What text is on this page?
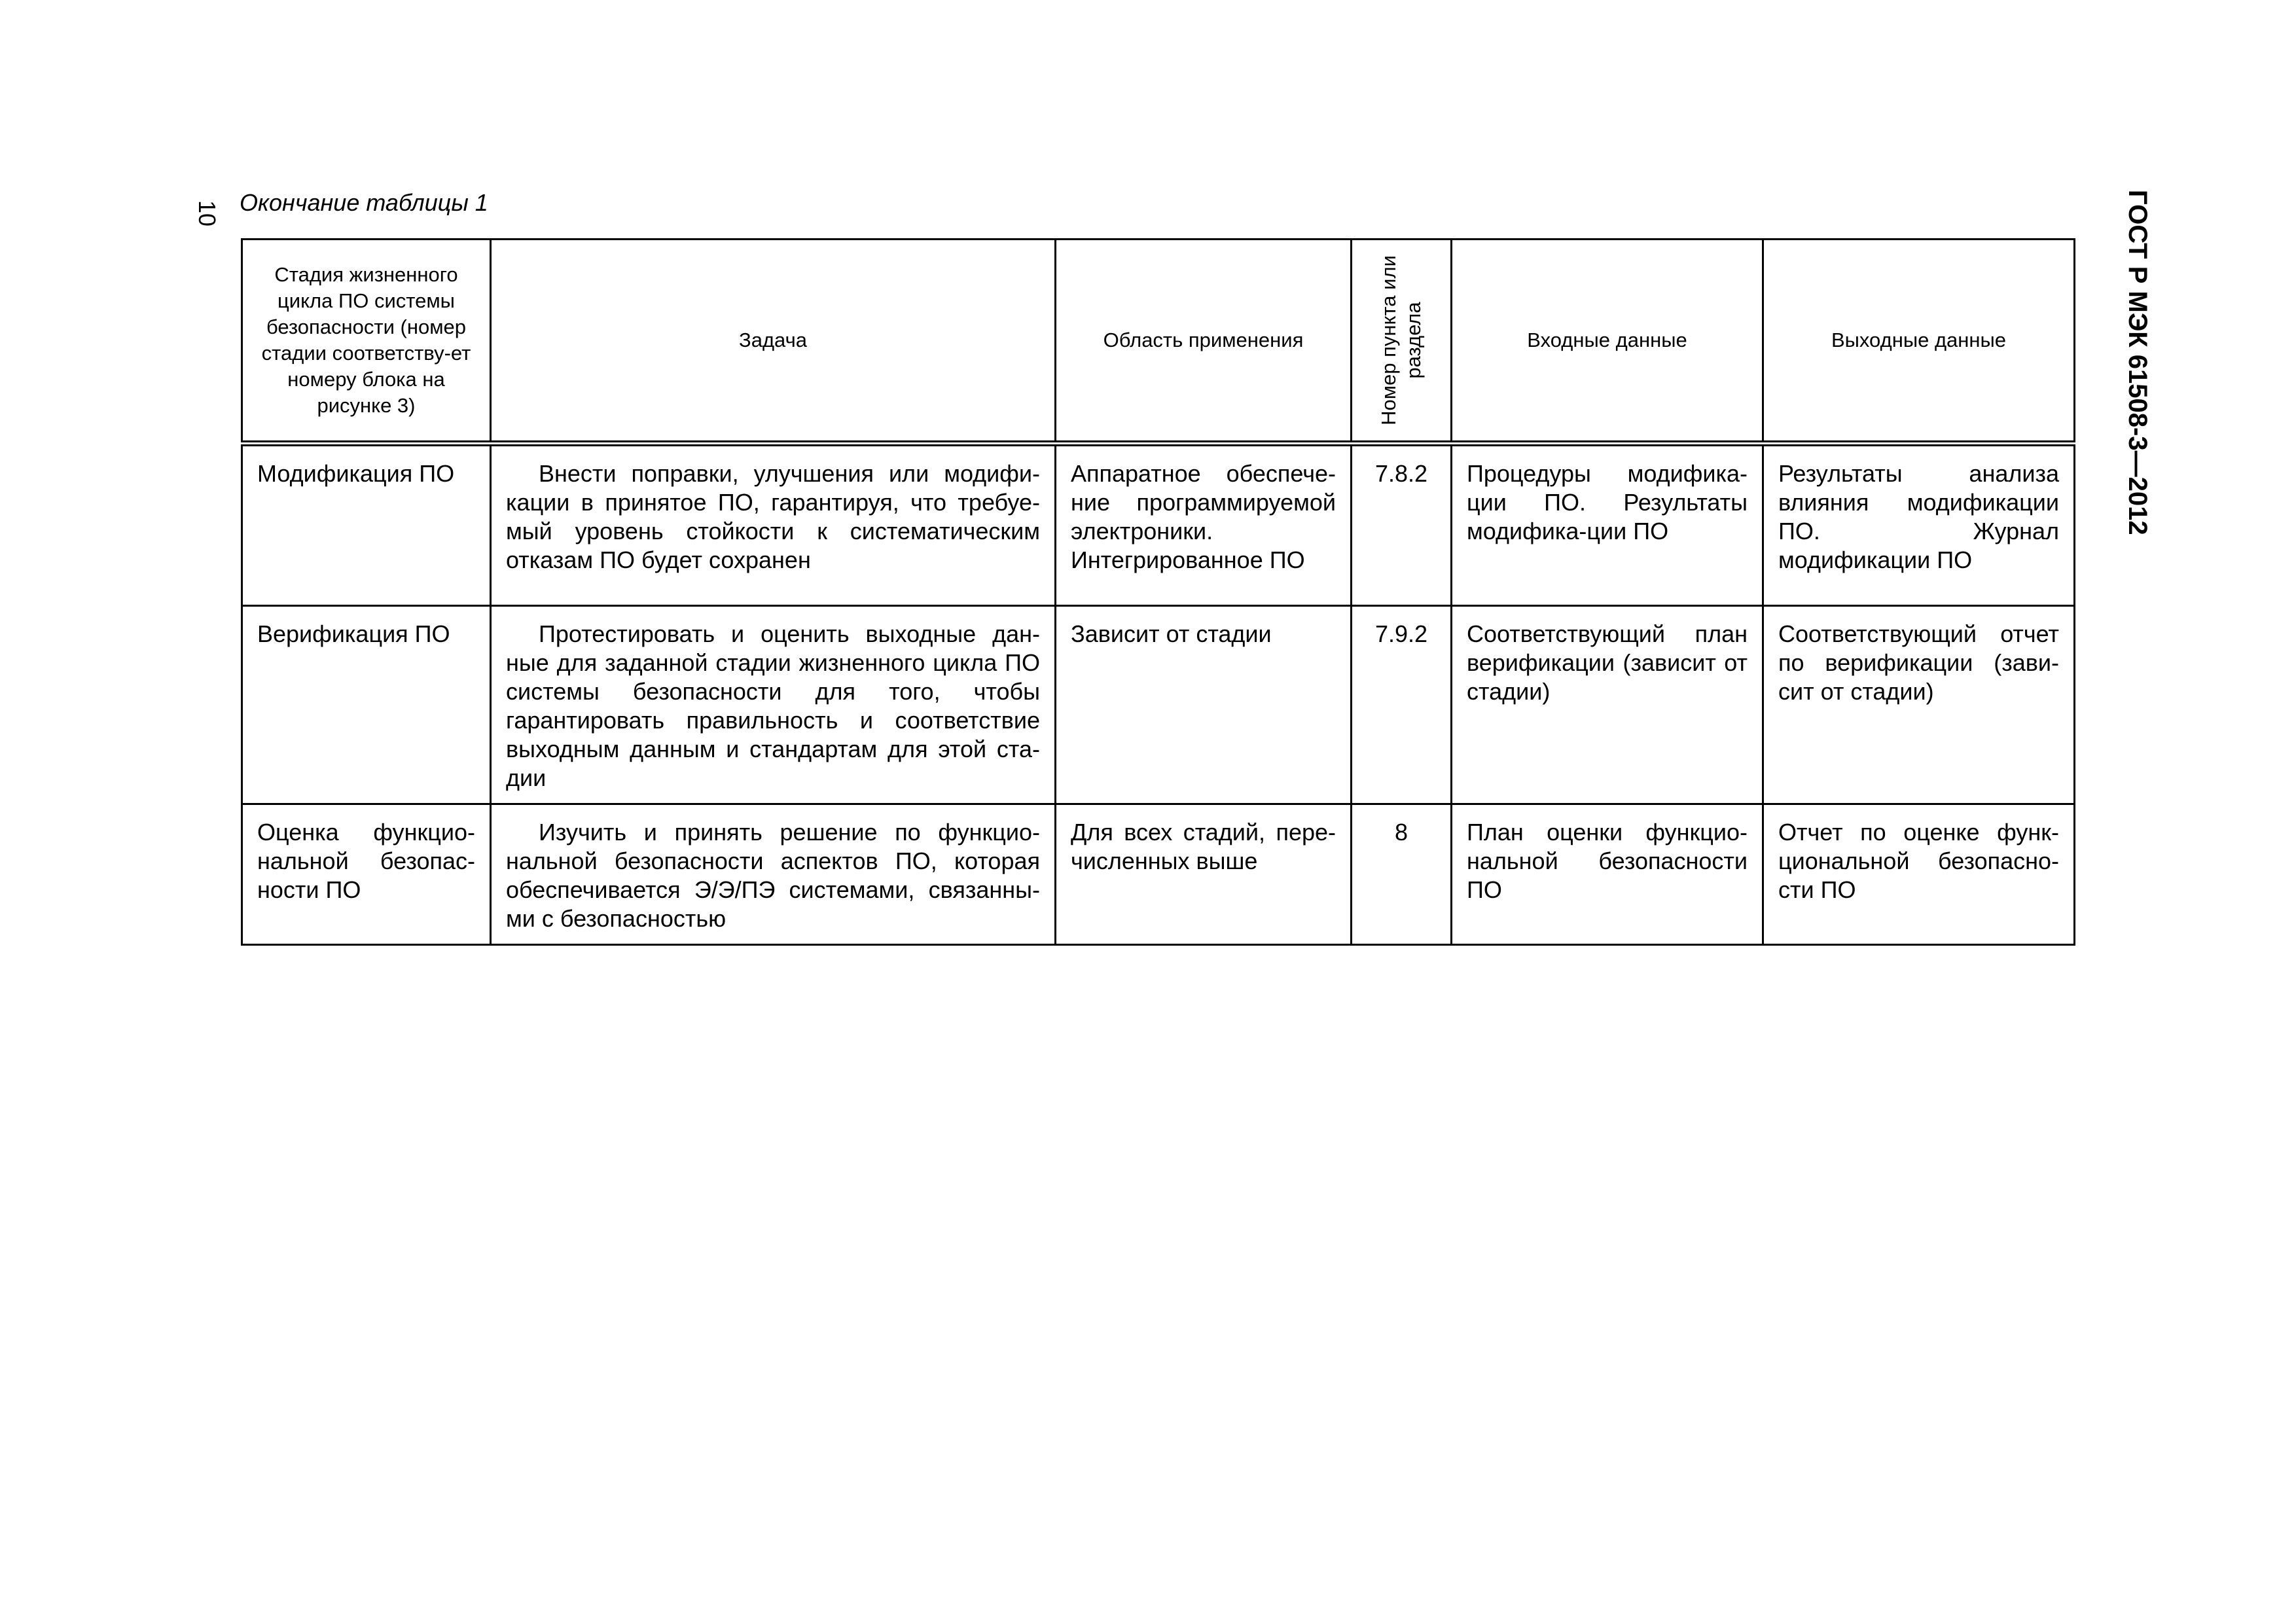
10 Окончание таблицы 1	ГОСТ Р МЭК 61508-3—2012
Стадия жизненного цикла ПО системы безопасности (номер стадии соответству-ет номеру блока на рисунке 3)	Задача	Область применения	Номер пункта или раздела	Входные данные	Выходные данные

Модификация ПО	Внести поправки, улучшения или модифи-кации в принятое ПО, гарантируя, что требуе-мый уровень стойкости к систематическим отказам ПО будет сохранен	Аппаратное обеспече-ние программируемой электроники. Интегрированное ПО	7.8.2	Процедуры модифика-ции ПО. Результаты модифика-ции ПО	Результаты анализа влияния модификации ПО. Журнал модификации ПО

Верификация ПО	Протестировать и оценить выходные дан-ные для заданной стадии жизненного цикла ПО системы безопасности для того, чтобы гарантировать правильность и соответствие выходным данным и стандартам для этой ста-дии	Зависит от стадии	7.9.2	Соответствующий план верификации (зависит от стадии)	Соответствующий отчет по верификации (зави-сит от стадии)

Оценка функцио-нальной безопас-ности ПО	Изучить и принять решение по функцио-нальной безопасности аспектов ПО, которая обеспечивается Э/Э/ПЭ системами, связанны-ми с безопасностью	Для всех стадий, пере-численных выше	8	План оценки функцио-нальной безопасности ПО	Отчет по оценке функ-циональной безопасно-сти ПО
